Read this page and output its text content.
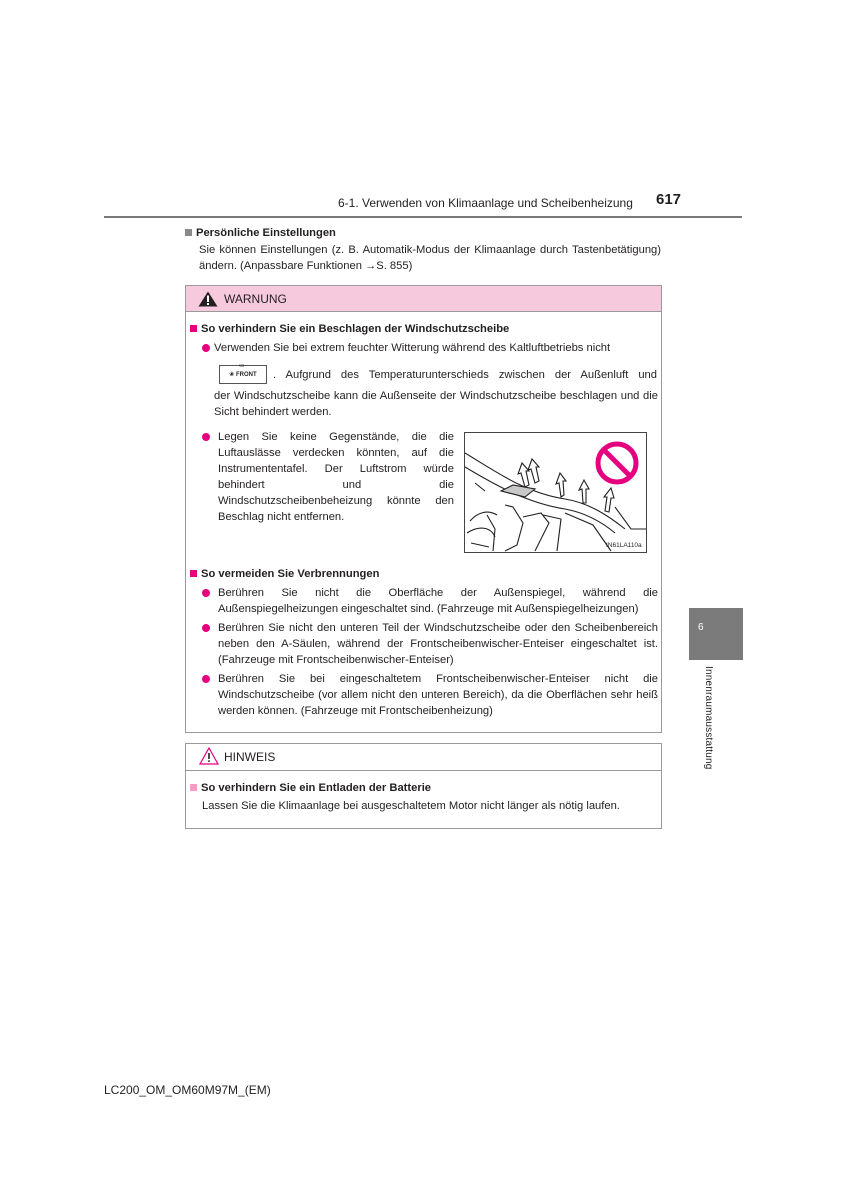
6-1. Verwenden von Klimaanlage und Scheibenheizung 617
6
Innenraumausstattung
Persönliche Einstellungen
Sie können Einstellungen (z. B. Automatik-Modus der Klimaanlage durch Tastenbetätigung) ändern. (Anpassbare Funktionen →S. 855)
WARNUNG
So verhindern Sie ein Beschlagen der Windschutzscheibe
Verwenden Sie bei extrem feuchter Witterung während des Kaltluftbetriebs nicht
▭
❀ FRONT	. Aufgrund des Temperaturunterschieds zwischen der Außenluft und
der Windschutzscheibe kann die Außenseite der Windschutzscheibe beschlagen und die Sicht behindert werden.
Legen Sie keine Gegenstände, die die Luftauslässe verdecken könnten, auf die Instrumententafel. Der Luftstrom würde behindert und die Windschutzscheibenbeheizung könnte den Beschlag nicht entfernen.
IN61LA110a
So vermeiden Sie Verbrennungen
Berühren Sie nicht die Oberfläche der Außenspiegel, während die Außenspiegelheizungen eingeschaltet sind. (Fahrzeuge mit Außenspiegelheizungen)
Berühren Sie nicht den unteren Teil der Windschutzscheibe oder den Scheibenbereich neben den A-Säulen, während der Frontscheibenwischer-Enteiser eingeschaltet ist. (Fahrzeuge mit Frontscheibenwischer-Enteiser)
Berühren Sie bei eingeschaltetem Frontscheibenwischer-Enteiser nicht die Windschutzscheibe (vor allem nicht den unteren Bereich), da die Oberflächen sehr heiß werden können. (Fahrzeuge mit Frontscheibenheizung)
HINWEIS
So verhindern Sie ein Entladen der Batterie
Lassen Sie die Klimaanlage bei ausgeschaltetem Motor nicht länger als nötig laufen.
LC200_OM_OM60M97M_(EM)
